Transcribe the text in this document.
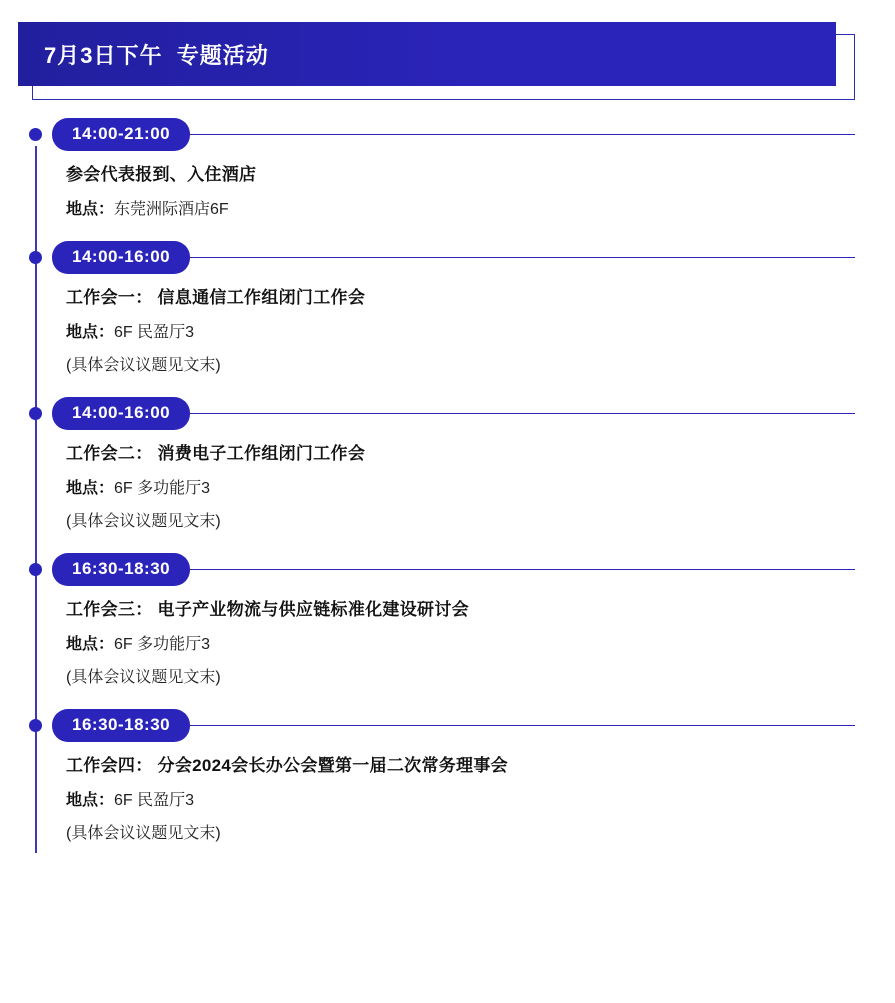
7月3日下午  专题活动
14:00-21:00
参会代表报到、入住酒店
地点：东莞洲际酒店6F
14:00-16:00
工作会一： 信息通信工作组闭门工作会
地点：6F 民盈厅3
(具体会议议题见文末)
14:00-16:00
工作会二： 消费电子工作组闭门工作会
地点：6F 多功能厅3
(具体会议议题见文末)
16:30-18:30
工作会三： 电子产业物流与供应链标准化建设研讨会
地点：6F 多功能厅3
(具体会议议题见文末)
16:30-18:30
工作会四： 分会2024会长办公会暨第一届二次常务理事会
地点：6F 民盈厅3
(具体会议议题见文末)
